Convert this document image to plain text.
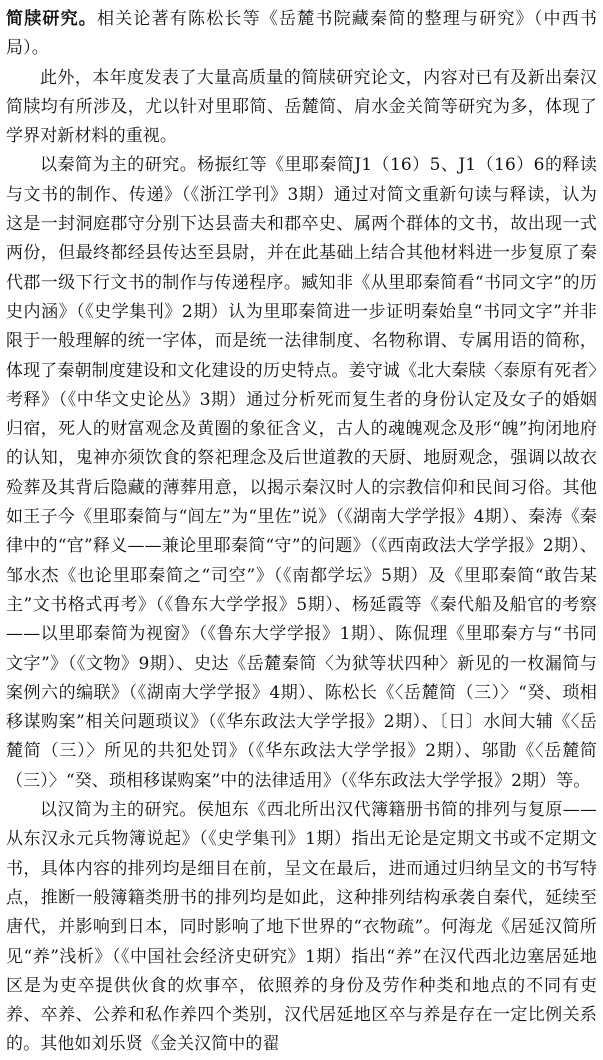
简牍研究。相关论著有陈松长等《岳麓书院藏秦简的整理与研究》（中西书局）。

此外，本年度发表了大量高质量的简牍研究论文，内容对已有及新出秦汉简牍均有所涉及，尤以针对里耶简、岳麓简、肩水金关简等研究为多，体现了学界对新材料的重视。

以秦简为主的研究。杨振红等《里耶秦简J1（16）5、J1（16）6的释读与文书的制作、传递》（《浙江学刊》3期）通过对简文重新句读与释读，认为这是一封洞庭郡守分别下达县啬夫和郡卒史、属两个群体的文书，故出现一式两份，但最终都经县传达至县尉，并在此基础上结合其他材料进一步复原了秦代郡一级下行文书的制作与传递程序。臧知非《从里耶秦简看“书同文字”的历史内涵》（《史学集刊》2期）认为里耶秦简进一步证明秦始皇“书同文字”并非限于一般理解的统一字体，而是统一法律制度、名物称谓、专属用语的简称，体现了秦朝制度建设和文化建设的历史特点。姜守诚《北大秦牍〈泰原有死者〉考释》（《中华文史论丛》3期）通过分析死而复生者的身份认定及女子的婚姻归宿，死人的财富观念及黄圈的象征含义，古人的魂魄观念及形“魄”拘闭地府的认知，鬼神亦须饮食的祭祀理念及后世道教的天厨、地厨观念，强调以故衣殓葬及其背后隐藏的薄葬用意，以揭示秦汉时人的宗教信仰和民间习俗。其他如王子今《里耶秦简与“闾左”为“里佐”说》（《湖南大学学报》4期）、秦涛《秦律中的“官”释义——兼论里耶秦简“守”的问题》（《西南政法大学学报》2期）、邹水杰《也论里耶秦简之“司空”》（《南都学坛》5期）及《里耶秦简“敢告某主”文书格式再考》（《鲁东大学学报》5期）、杨延霞等《秦代船及船官的考察——以里耶秦简为视窗》（《鲁东大学学报》1期）、陈侃理《里耶秦方与“书同文字”》（《文物》9期）、史达《岳麓秦简〈为狱等状四种〉新见的一枚漏简与案例六的编联》（《湖南大学学报》4期）、陈松长《〈岳麓简（三）〉“癸、琐相移谋购案”相关问题琐议》（《华东政法大学学报》2期）、〔日〕水间大辅《〈岳麓简（三）〉所见的共犯处罚》（《华东政法大学学报》2期）、邬勖《〈岳麓简（三）〉“癸、琐相移谋购案”中的法律适用》（《华东政法大学学报》2期）等。

以汉简为主的研究。侯旭东《西北所出汉代簿籍册书简的排列与复原——从东汉永元兵物簿说起》（《史学集刊》1期）指出无论是定期文书或不定期文书，具体内容的排列均是细目在前，呈文在最后，进而通过归纳呈文的书写特点，推断一般簿籍类册书的排列均是如此，这种排列结构承袭自秦代，延续至唐代，并影响到日本，同时影响了地下世界的“衣物疏”。何海龙《居延汉简所见“养”浅析》（《中国社会经济史研究》1期）指出“养”在汉代西北边塞居延地区是为吏卒提供伙食的炊事卒，依照养的身份及劳作种类和地点的不同有吏养、卒养、公养和私作养四个类别，汉代居延地区卒与养是存在一定比例关系的。其他如刘乐贤《金关汉简中的翟
